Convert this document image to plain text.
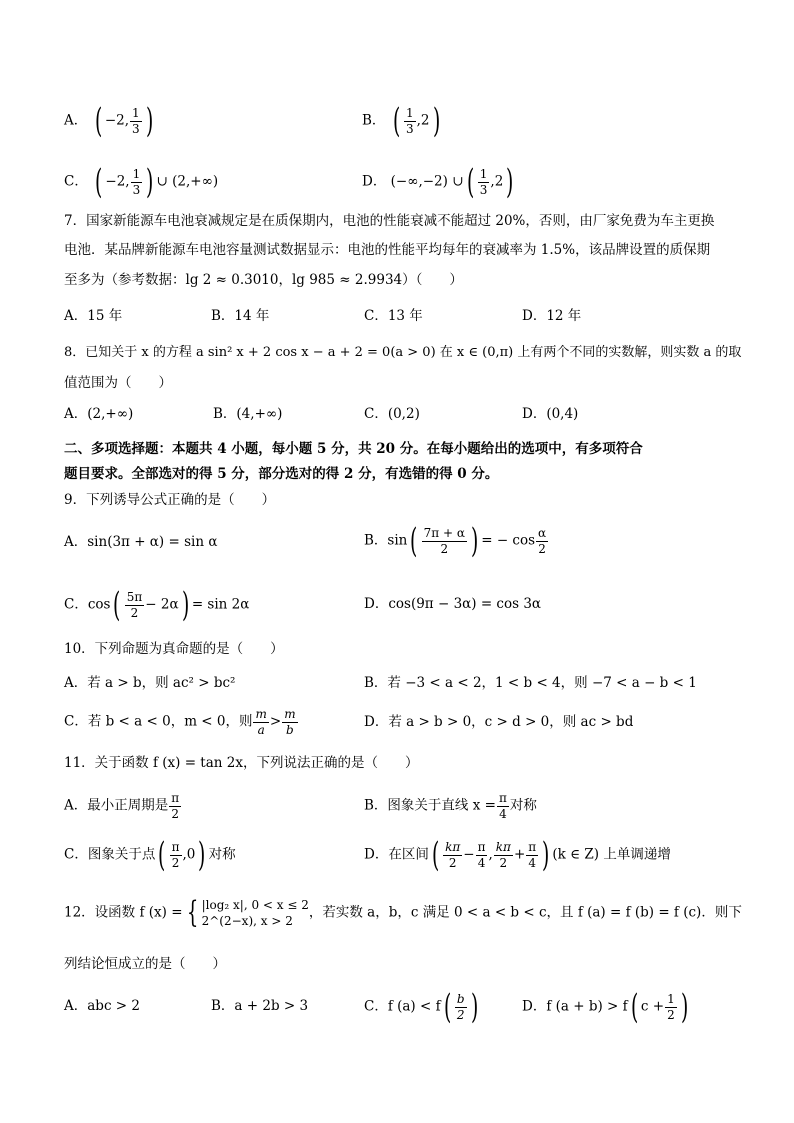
A． ( −2, $\frac{1}{3}$ )	B． ( $\frac{1}{3} ,2$)
C． ( −2, $\frac{1}{3}$ ) ∪ (2,+∞)	D． (−∞,−2) ∪( $\frac{1}{3} ,2$)
7．国家新能源车电池衰减规定是在质保期内，电池的性能衰减不能超过 20%，否则，由厂家免费为车主更换
电池．某品牌新能源车电池容量测试数据显示：电池的性能平均每年的衰减率为 1.5%，该品牌设置的质保期
至多为（参考数据：lg 2 ≈ 0.3010，lg 985 ≈ 2.9934）（　　）
A．15 年	B．14 年	C．13 年	D．12 年
8．已知关于 x 的方程 a sin² x + 2 cos x − a + 2 = 0(a > 0) 在 x ∈ (0,π) 上有两个不同的实数解，则实数 a 的取
值范围为（　　）
A．(2,+∞)	B．(4,+∞)	C．(0,2)	D．(0,4)
二、多项选择题：本题共 4 小题，每小题 5 分，共 20 分。在每小题给出的选项中，有多项符合
题目要求。全部选对的得 5 分，部分选对的得 2 分，有选错的得 0 分。
9．下列诱导公式正确的是（　　）
A．sin(3π + α) = sin α	B．$\sin( \frac{7\pi + \alpha}{2}$ ) = − $\cos \frac{\alpha}{2}$
C．$\cos( \frac{5\pi}{2} - 2\alpha) = \sin 2\alpha$	D．cos(9π − 3α) = cos 3α
10．下列命题为真命题的是（　　）
A．若 a > b，则 ac² > bc²	B．若 −3 < a < 2，1 < b < 4，则 −7 < a − b < 1
C．若 b < a < 0，m < 0，则 $\frac{m}{a} > \frac{m}{b}$	D．若 a > b > 0，c > d > 0，则 ac > bd
11．关于函数 f (x) = tan 2x，下列说法正确的是（　　）
A．最小正周期是 $\frac{\pi}{2}$	B．图象关于直线 $x = \frac{\pi}{4}$ 对称
C．图象关于点( $\frac{\pi}{2} ,0$) 对称	D．在区间( $\frac{k\pi}{2} - \frac{\pi}{4}$ , $\frac{k\pi}{2} + \frac{\pi}{4}$ ) (k ∈ Z) 上单调递增
12．设函数 f (x) = { |log₂ x|, 0 < x ≤ 2
2^(2−x), x > 2
，若实数 a，b，c 满足 0 < a < b < c，且 f (a) = f (b) = f (c)．则下
列结论恒成立的是（　　）
A．abc > 2	B．a + 2b > 3	C．f $(a) < f( \frac{b}{2}$ )	D．f (a + b) > f( $c + \frac{1}{2}$ )
